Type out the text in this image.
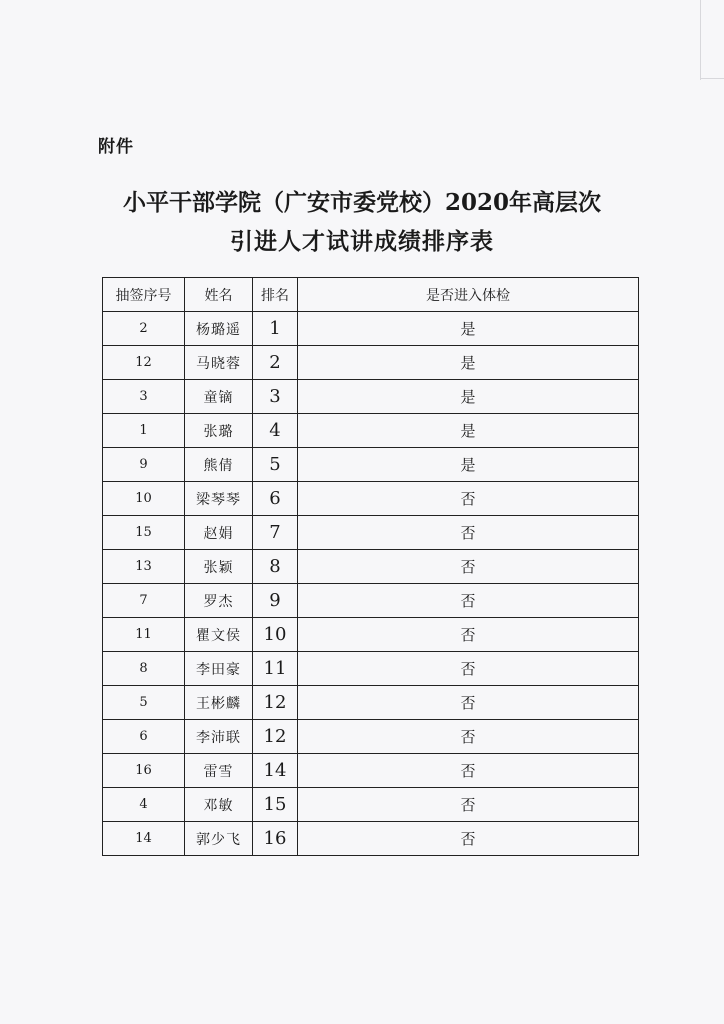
附件
小平干部学院（广安市委党校）2020年高层次
引进人才试讲成绩排序表
抽签序号	姓名	排名	是否进入体检
2	杨璐遥	1	是
12	马晓蓉	2	是
3	童镝	3	是
1	张璐	4	是
9	熊倩	5	是
10	梁琴琴	6	否
15	赵娟	7	否
13	张颖	8	否
7	罗杰	9	否
11	瞿文侯	10	否
8	李田豪	11	否
5	王彬麟	12	否
6	李沛联	12	否
16	雷雪	14	否
4	邓敏	15	否
14	郭少飞	16	否
